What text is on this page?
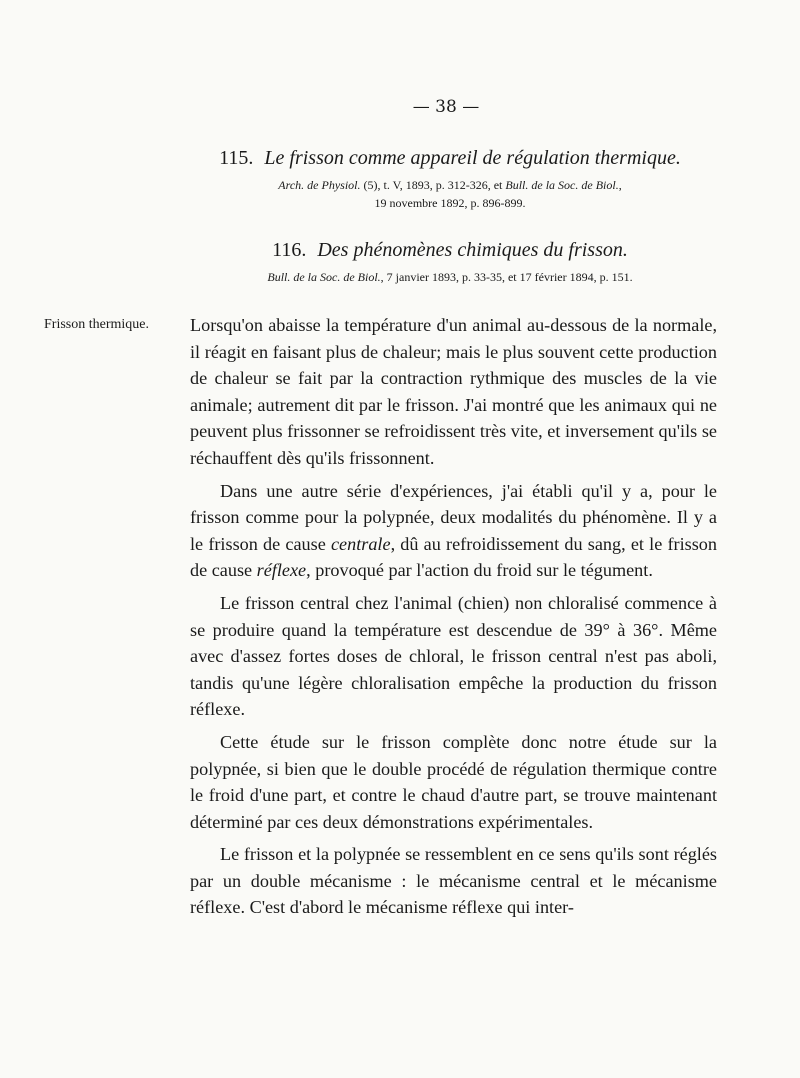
— 38 —
115. Le frisson comme appareil de régulation thermique.
Arch. de Physiol. (5), t. V, 1893, p. 312-326, et Bull. de la Soc. de Biol.,
19 novembre 1892, p. 896-899.
116. Des phénomènes chimiques du frisson.
Bull. de la Soc. de Biol., 7 janvier 1893, p. 33-35, et 17 février 1894, p. 151.
Frisson thermique. Lorsqu'on abaisse la température d'un animal au-dessous de la normale, il réagit en faisant plus de chaleur; mais le plus souvent cette production de chaleur se fait par la contraction rythmique des muscles de la vie animale; autrement dit par le frisson. J'ai montré que les animaux qui ne peuvent plus frissonner se refroidissent très vite, et inversement qu'ils se réchauffent dès qu'ils frissonnent.

Dans une autre série d'expériences, j'ai établi qu'il y a, pour le frisson comme pour la polypnée, deux modalités du phénomène. Il y a le frisson de cause centrale, dû au refroidissement du sang, et le frisson de cause réflexe, provoqué par l'action du froid sur le tégument.

Le frisson central chez l'animal (chien) non chloralisé commence à se produire quand la température est descendue de 39° à 36°. Même avec d'assez fortes doses de chloral, le frisson central n'est pas aboli, tandis qu'une légère chloralisation empêche la production du frisson réflexe.

Cette étude sur le frisson complète donc notre étude sur la polypnée, si bien que le double procédé de régulation thermique contre le froid d'une part, et contre le chaud d'autre part, se trouve maintenant déterminé par ces deux démonstrations expérimentales.

Le frisson et la polypnée se ressemblent en ce sens qu'ils sont réglés par un double mécanisme : le mécanisme central et le mécanisme réflexe. C'est d'abord le mécanisme réflexe qui inter-
